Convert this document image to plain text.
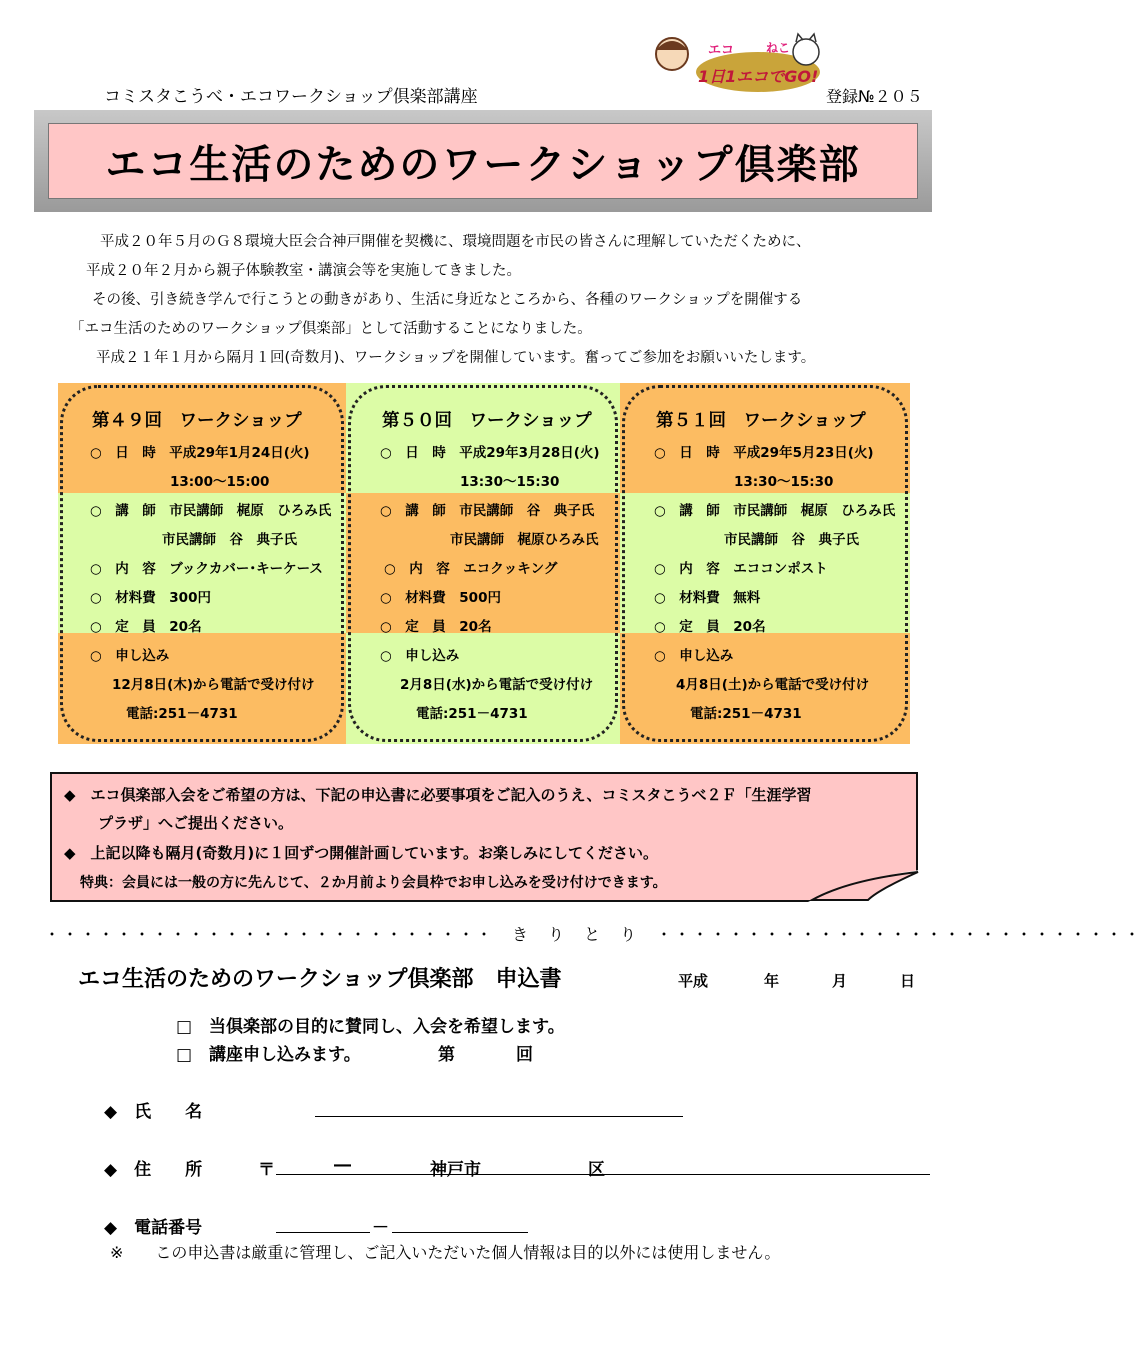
コミスタこうべ・エコワークショップ倶楽部講座	登録№２０５
エコ	ねこ
1日1エコでGO!
エコ生活のためのワークショップ倶楽部

平成２０年５月のＧ８環境大臣会合神戸開催を契機に、環境問題を市民の皆さんに理解していただくために、

平成２０年２月から親子体験教室・講演会等を実施してきました。

その後、引き続き学んで行こうとの動きがあり、生活に身近なところから、各種のワークショップを開催する

「エコ生活のためのワークショップ倶楽部」として活動することになりました。

平成２１年１月から隔月１回(奇数月)、ワークショップを開催しています。奮ってご参加をお願いいたします。

第４９回　ワークショップ
○　日　時　平成29年1月24日(火)
13:00～15:00
○　講　師　市民講師　梶原　ひろみ氏
市民講師　谷　典子氏
○　内　容　ブックカバー･キーケース
○　材料費　300円
○　定　員　20名
○　申し込み
12月8日(木)から電話で受け付け
電話:251－4731
第５０回　ワークショップ
○　日　時　平成29年3月28日(火)
13:30～15:30
○　講　師　市民講師　谷　典子氏
市民講師　梶原ひろみ氏
○　内　容　エコクッキング
○　材料費　500円
○　定　員　20名
○　申し込み
2月8日(水)から電話で受け付け
電話:251－4731
第５１回　ワークショップ
○　日　時　平成29年5月23日(火)
13:30～15:30
○　講　師　市民講師　梶原　ひろみ氏
市民講師　谷　典子氏
○　内　容　エココンポスト
○　材料費　無料
○　定　員　20名
○　申し込み
4月8日(土)から電話で受け付け
電話:251－4731
◆　エコ倶楽部入会をご希望の方は、下記の申込書に必要事項をご記入のうえ、コミスタこうべ２Ｆ「生涯学習
プラザ」へご提出ください。
◆　上記以降も隔月(奇数月)に１回ずつ開催計画しています。お楽しみにしてください。
特典：会員には一般の方に先んじて、２か月前より会員枠でお申し込みを受け付けできます。
・・・・・・・・・・・・・・・・・・・・・・・・・　き　り　と　り　・・・・・・・・・・・・・・・・・・・・・・・・・・・
エコ生活のためのワークショップ倶楽部　申込書	平成	年	月	日
□　当倶楽部の目的に賛同し、入会を希望します。
□　講座申し込みます。	第	回
◆　氏　　名
◆　住　　所	〒	―	神戸市	区
◆　電話番号	－
※ この申込書は厳重に管理し、ご記入いただいた個人情報は目的以外には使用しません。
